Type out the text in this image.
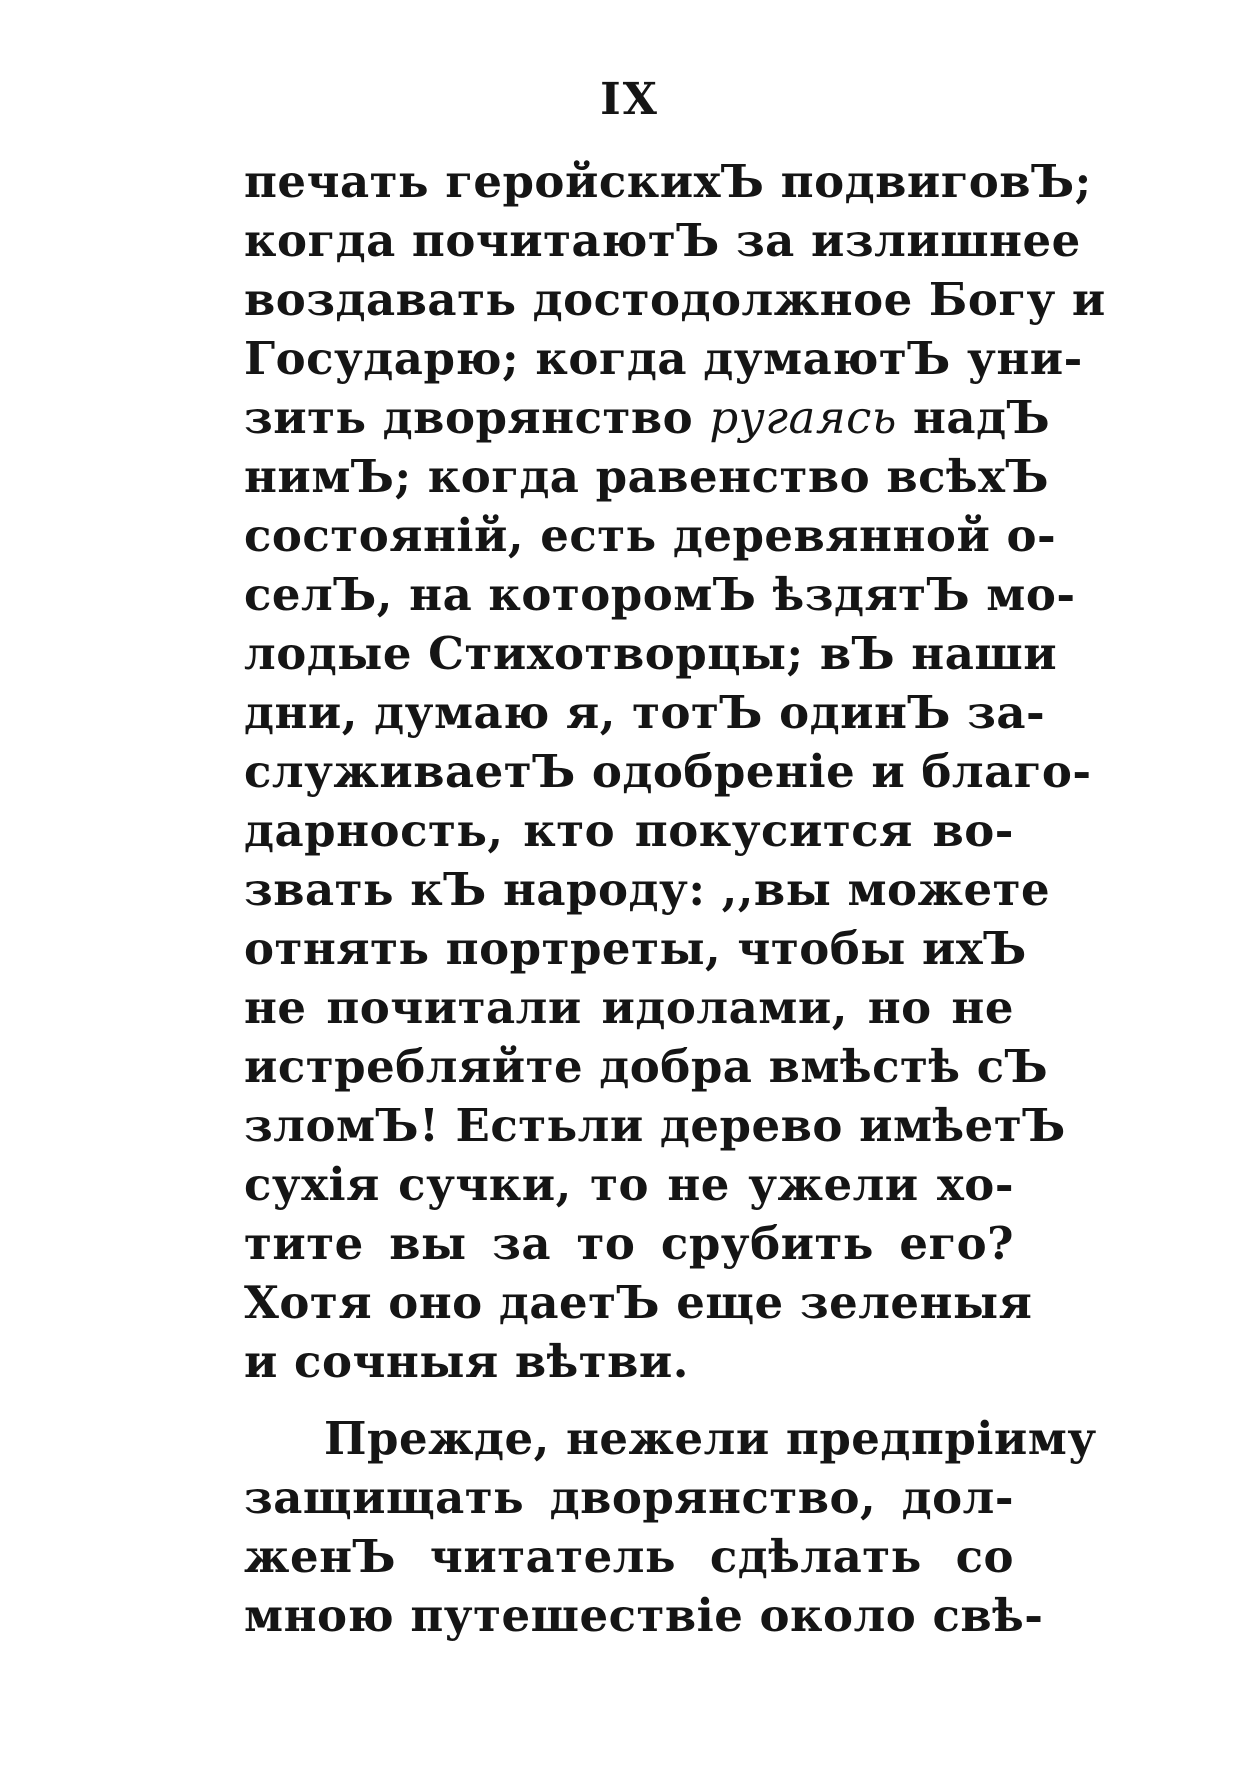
IX
печать геройскихЪ подвиговЪ;
когда почитаютЪ за излишнее
воздавать достодолжное Богу и
Государю; когда думаютЪ уни-
зить дворянство ругаясь надЪ
нимЪ; когда равенство всѣхЪ
состояній, есть деревянной о-
селЪ, на которомЪ ѣздятЪ мо-
лодые Стихотворцы; вЪ наши
дни, думаю я, тотЪ одинЪ за-
служиваетЪ одобреніе и благо-
дарность, кто покусится во-
звать кЪ народу: ,,вы можете
отнять портреты, чтобы ихЪ
не почитали идолами, но не
истребляйте добра вмѣстѣ сЪ
зломЪ! Естьли дерево имѣетЪ
сухія сучки, то не ужели хо-
тите вы за то срубить его?
Хотя оно даетЪ еще зеленыя
и сочныя вѣтви.
Прежде, нежели предпріиму
защищать дворянство, дол-
женЪ читатель сдѣлать со
мною путешествіе около свѣ-
